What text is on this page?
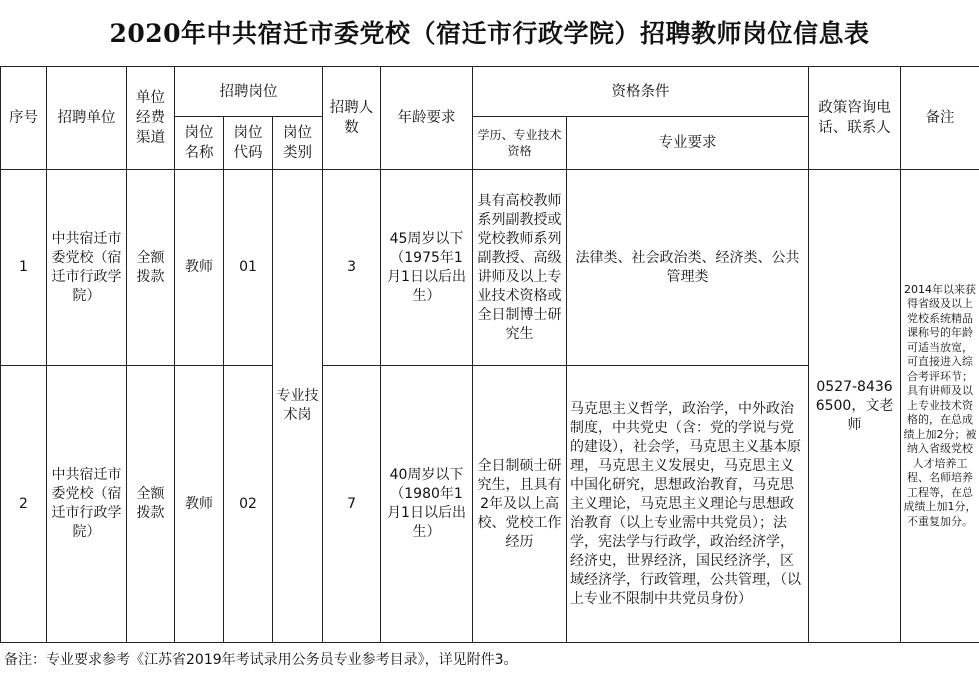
2020年中共宿迁市委党校（宿迁市行政学院）招聘教师岗位信息表
序号	招聘单位	单位经费渠道	招聘岗位			招聘人数	年龄要求	资格条件		政策咨询电话、联系人	备注
			岗位名称	岗位代码	岗位类别			学历、专业技术资格	专业要求		
1	中共宿迁市委党校（宿迁市行政学院）	全额拨款	教师	01	专业技术岗	3	45周岁以下（1975年1月1日以后出生）	具有高校教师系列副教授或党校教师系列副教授、高级讲师及以上专业技术资格或全日制博士研究生	法律类、社会政治类、经济类、公共管理类	0527-84366500，文老师	2014年以来获得省级及以上党校系统精品课称号的年龄可适当放宽，可直接进入综合考评环节；具有讲师及以上专业技术资格的，在总成绩上加2分；被纳入省级党校人才培养工程、名师培养工程等，在总成绩上加1分，不重复加分。
2	中共宿迁市委党校（宿迁市行政学院）	全额拨款	教师	02		7	40周岁以下（1980年1月1日以后出生）	全日制硕士研究生，且具有2年及以上高校、党校工作经历	马克思主义哲学，政治学，中外政治制度，中共党史（含：党的学说与党的建设），社会学，马克思主义基本原理，马克思主义发展史，马克思主义中国化研究，思想政治教育，马克思主义理论，马克思主义理论与思想政治教育（以上专业需中共党员）；法学，宪法学与行政学，政治经济学，经济史，世界经济，国民经济学，区域经济学，行政管理，公共管理，（以上专业不限制中共党员身份）		
备注：专业要求参考《江苏省2019年考试录用公务员专业参考目录》，详见附件3。
